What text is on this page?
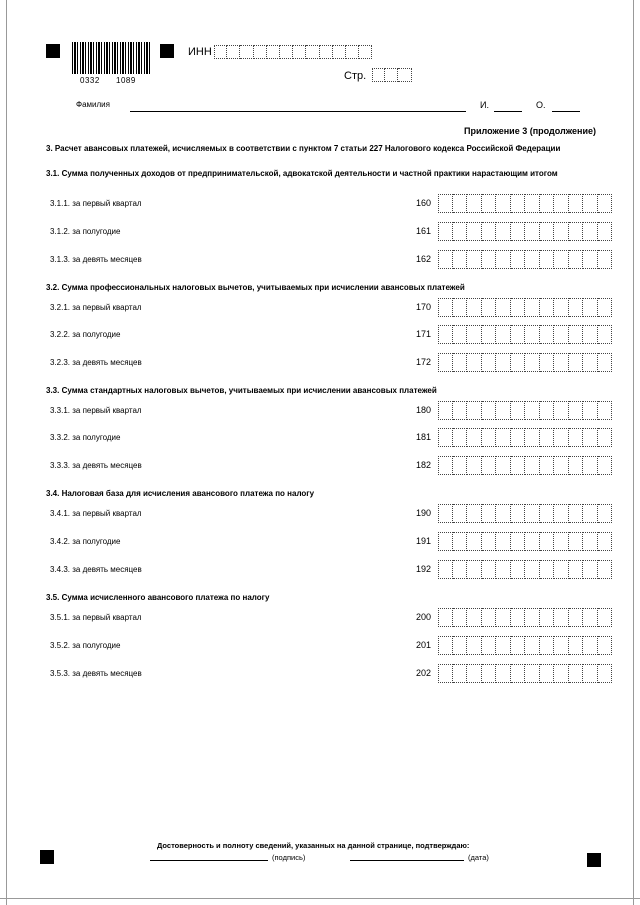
0332 1089
ИНН
Стр.
Фамилия	И.	О.
Приложение 3 (продолжение)
3. Расчет авансовых платежей, исчисляемых в соответствии с пунктом 7 статьи 227 Налогового кодекса Российской Федерации
3.1. Сумма полученных доходов от предпринимательской, адвокатской деятельности и частной практики нарастающим итогом
3.1.1. за первый квартал	160
3.1.2. за полугодие	161
3.1.3. за девять месяцев	162
3.2. Сумма профессиональных налоговых вычетов, учитываемых при исчислении авансовых платежей
3.2.1. за первый квартал	170
3.2.2. за полугодие	171
3.2.3. за девять месяцев	172
3.3. Сумма стандартных налоговых вычетов, учитываемых при исчислении авансовых платежей
3.3.1. за первый квартал	180
3.3.2. за полугодие	181
3.3.3. за девять месяцев	182
3.4. Налоговая база для исчисления авансового платежа по налогу
3.4.1. за первый квартал	190
3.4.2. за полугодие	191
3.4.3. за девять месяцев	192
3.5. Сумма исчисленного авансового платежа по налогу
3.5.1. за первый квартал	200
3.5.2. за полугодие	201
3.5.3. за девять месяцев	202
Достоверность и полноту сведений, указанных на данной странице, подтверждаю:
(подпись)	(дата)
